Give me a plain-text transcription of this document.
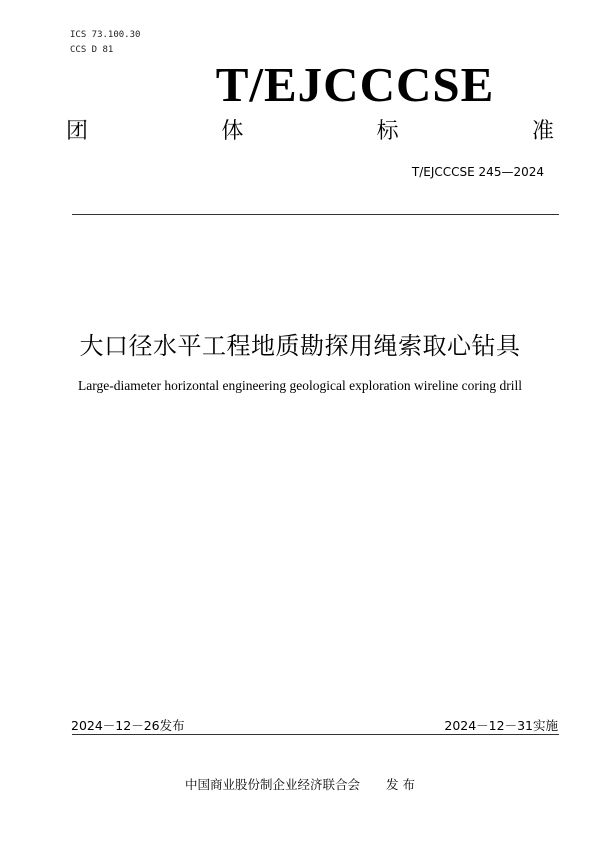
ICS 73.100.30
CCS D 81
T/EJCCCSE
团	体	标	准
T/EJCCCSE 245—2024
大口径水平工程地质勘探用绳索取心钻具
Large-diameter horizontal engineering geological exploration wireline coring drill
2024－12－26发布	2024－12－31实施
中国商业股份制企业经济联合会 发 布
